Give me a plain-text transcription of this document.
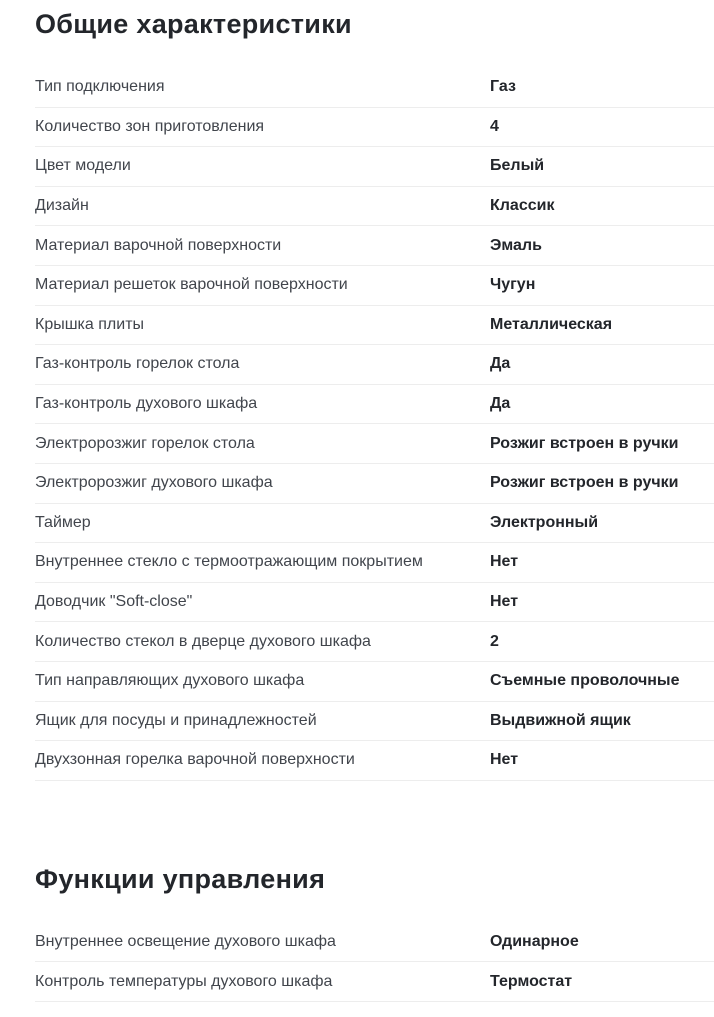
Общие характеристики
Тип подключения	Газ
Количество зон приготовления	4
Цвет модели	Белый
Дизайн	Классик
Материал варочной поверхности	Эмаль
Материал решеток варочной поверхности	Чугун
Крышка плиты	Металлическая
Газ-контроль горелок стола	Да
Газ-контроль духового шкафа	Да
Электророзжиг горелок стола	Розжиг встроен в ручки
Электророзжиг духового шкафа	Розжиг встроен в ручки
Таймер	Электронный
Внутреннее стекло с термоотражающим покрытием	Нет
Доводчик "Soft-close"	Нет
Количество стекол в дверце духового шкафа	2
Тип направляющих духового шкафа	Съемные проволочные
Ящик для посуды и принадлежностей	Выдвижной ящик
Двухзонная горелка варочной поверхности	Нет
Функции управления
Внутреннее освещение духового шкафа	Одинарное
Контроль температуры духового шкафа	Термостат
